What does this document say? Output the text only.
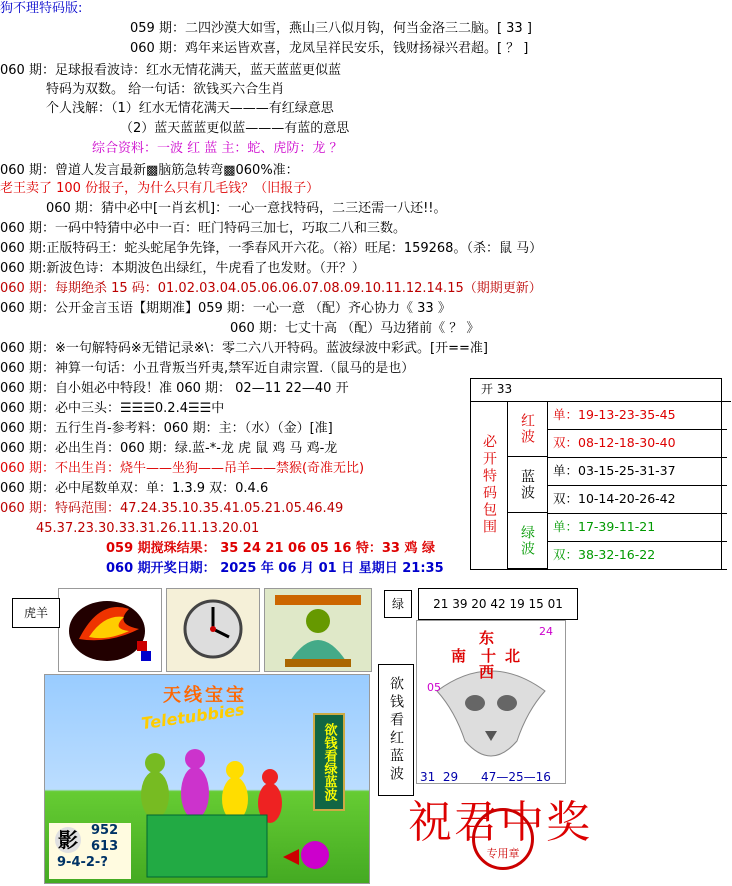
狗不理特码版:
059 期：二四沙漠大如雪，燕山三八似月钩，何当金洛三二脑。[ 33 ]
060 期：鸡年来运皆欢喜，龙凤呈祥民安乐，钱财扬禄兴君超。[ ？ ]
060 期：足球报看波诗：红水无情花满天，蓝天蓝蓝更似蓝
特码为双数。 给一句话：欲钱买六合生肖
个人浅解：（1）红水无情花满天———有红绿意思
（2）蓝天蓝蓝更似蓝———有蓝的意思
综合资料：一波 红 蓝 主：蛇、虎防：龙 ？
060 期：曾道人发言最新▩脑筋急转弯▩060%准：
老王卖了 100 份报子，为什么只有几毛钱？（旧报子）
060 期：猜中必中[一肖玄机]：一心一意找特码，二三还需一八还!!。
060 期：一码中特猜中必中一百：旺门特码三加七，巧取二八和三数。
060 期:正版特码王：蛇头蛇尾争先锋，一季春风开六花。（裕）旺尾：159268。（杀：鼠 马）
060 期:新波色诗：本期波色出绿红，牛虎看了也发财。（开？）
060 期：每期绝杀 15 码：01.02.03.04.05.06.06.07.08.09.10.11.12.14.15（期期更新）
060 期：公开金言玉语【期期准】059 期：一心一意 （配）齐心协力《 33 》
060 期：七丈十高 （配）马边猪前《 ？ 》
060 期：※一句解特码※无错记录※\：零二六八开特码。蓝波绿波中彩武。[开==准]
060 期：神算一句话：小丑背叛当歼夷,禁军近自肃宗置.（鼠马的是也）
060 期：自小姐必中特段！准 060 期： 02—11 22—40 开
060 期：必中三头：☰☰☰0.2.4☰☰中
060 期：五行生肖-参考料：060 期：主：（水）（金）[准]
060 期：必出生肖：060 期：绿.蓝-*-龙 虎 鼠 鸡 马 鸡-龙
060 期：不出生肖：烧牛——坐狗——吊羊——禁猴(奇准无比)
060 期：必中尾数单双：单：1.3.9 双：0.4.6
060 期：特码范围：47.24.35.10.35.41.05.21.05.46.49
45.37.23.30.33.31.26.11.13.20.01
059 期搅珠结果： 35 24 21 06 05 16 特：33 鸡 绿
060 期开奖日期： 2025 年 06 月 01 日 星期日 21:35
开 33
必开特码包围
红波	单：19-13-23-35-45
双：08-12-18-30-40
蓝波	单：03-15-25-31-37
双：10-14-20-26-42
绿波	单：17-39-11-21
双：38-32-16-22
虎羊
绿	21 39 20 42 19 15 01
欲钱看红蓝波
天线宝宝
Teletubbies
欲钱看绿蓝波
952
613
9-4-2-?
影
北
南
东
西
十
24
05
31  29      47—25—16
祝君中奖
专用章
